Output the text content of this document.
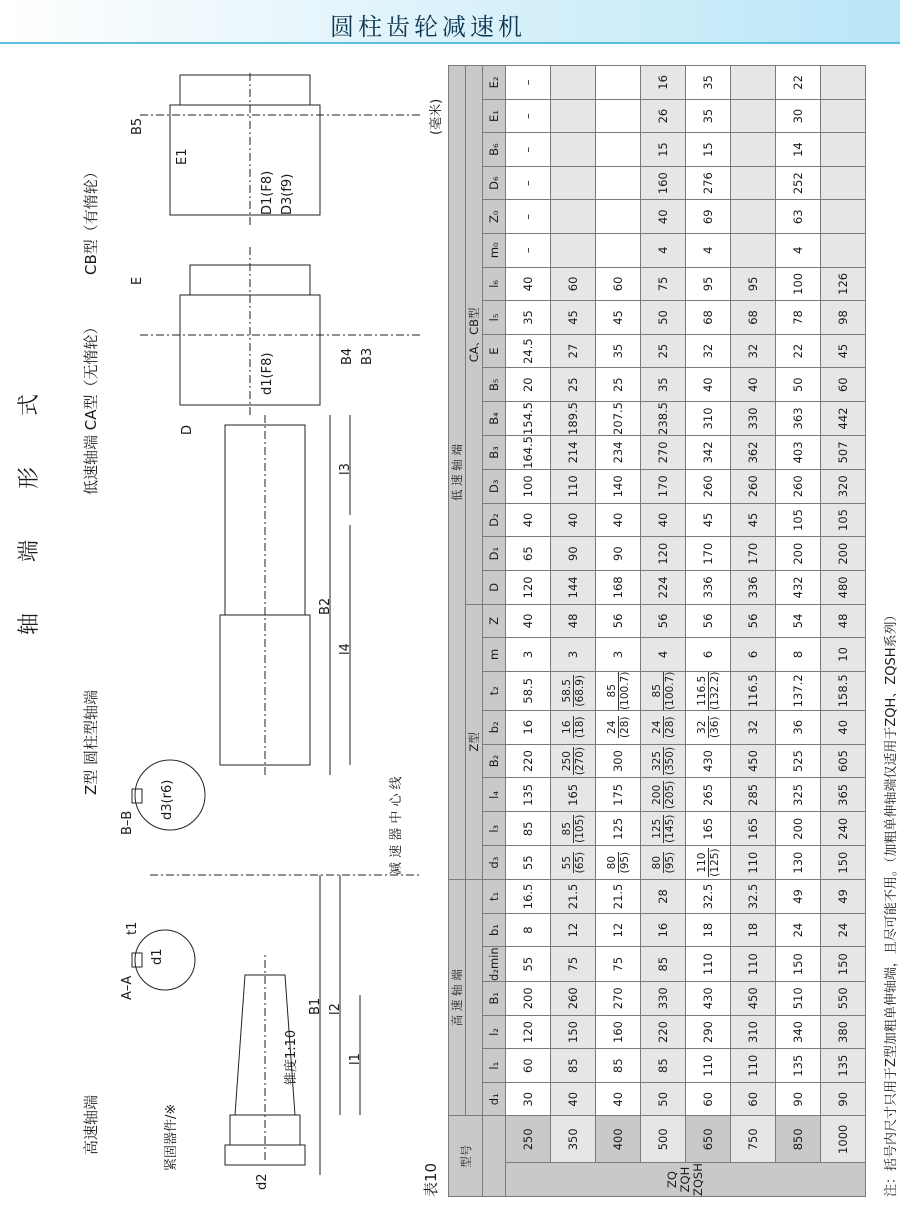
圆柱齿轮减速机
轴 端 形 式
高速轴端
Z型 圆柱型轴端
低速轴端 CA型（无惰轮）
CB型（有惰轮）
紧固器件/※
A–A
B–B
锥度1:10
B1 l2
l1
d2
d1
t1
d3(r6)
B2
l3
l4
D
d1(F8)
D1(F8) D3(f9)
B3
B4
B5
E1
E
减 速 器 中 心 线
表10
(毫米)
型号		高 速 轴 端							低 速 轴 端																							
									Z型								CA、CB型															
		d₁	l₁	l₂	B₁	d₂min	b₁	t₁	d₃	l₃	l₄	B₂	b₂	t₂	m	Z	D	D₁	D₂	D₃	B₃	B₄	B₅	E	l₅	l₆	m₀	Z₀	D₆	B₆	E₁	E₂
ZQ ZQH ZQSH	250	30	60	120	200	55	8	16.5	55	85	135	220	16	58.5	3	40	120	65	40	100	164.5	154.5	20	24.5	35	40	–	–	–	–	–	–
	350	40	85	150	260	75	12	21.5	55 (65)	85 (105)	165	250 (270)	16 (18)	58.5 (68.9)	3	48	144	90	40	110	214	189.5	25	27	45	60						
	400	40	85	160	270	75	12	21.5	80 (95)	125	175	300	24 (28)	85 (100.7)	3	56	168	90	40	140	234	207.5	25	35	45	60						
	500	50	85	220	330	85	16	28	80 (95)	125 (145)	200 (205)	325 (350)	24 (28)	85 (100.7)	4	56	224	120	40	170	270	238.5	35	25	50	75	4	40	160	15	26	16
	650	60	110	290	430	110	18	32.5	110 (125)	165	265	430	32 (36)	116.5 (132.2)	6	56	336	170	45	260	342	310	40	32	68	95	4	69	276	15	35	35
	750	60	110	310	450	110	18	32.5	110	165	285	450	32	116.5	6	56	336	170	45	260	362	330	40	32	68	95						
	850	90	135	340	510	150	24	49	130	200	325	525	36	137.2	8	54	432	200	105	260	403	363	50	22	78	100	4	63	252	14	30	22
	1000	90	135	380	550	150	24	49	150	240	365	605	40	158.5	10	48	480	200	105	320	507	442	60	45	98	126						
注：括号内尺寸只用于Z型加粗单伸轴端，且尽可能不用。（加粗单伸轴端仅适用于ZQH、ZQSH系列）
